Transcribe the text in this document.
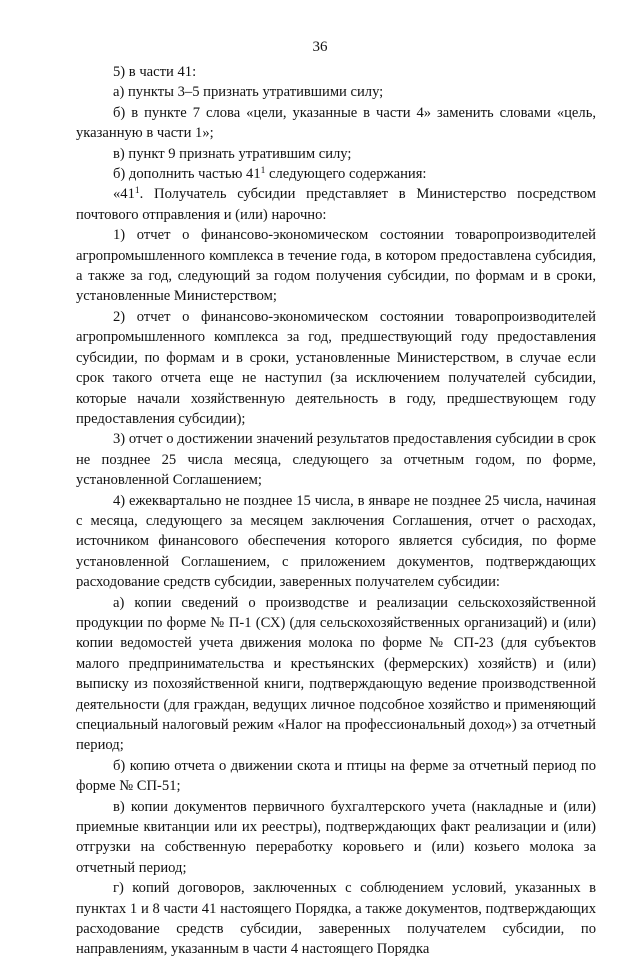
36

5) в части 41:

а) пункты 3–5 признать утратившими силу;

б) в пункте 7 слова «цели, указанные в части 4» заменить словами «цель, указанную в части 1»;

в) пункт 9 признать утратившим силу;

б) дополнить частью $41^1$ следующего содержания:

«$41^1$. Получатель субсидии представляет в Министерство посредством почтового отправления и (или) нарочно:

1) отчет о финансово-экономическом состоянии товаропроизводителей агропромышленного комплекса в течение года, в котором предоставлена субсидия, а также за год, следующий за годом получения субсидии, по формам и в сроки, установленные Министерством;

2) отчет о финансово-экономическом состоянии товаропроизводителей агропромышленного комплекса за год, предшествующий году предоставления субсидии, по формам и в сроки, установленные Министерством, в случае если срок такого отчета еще не наступил (за исключением получателей субсидии, которые начали хозяйственную деятельность в году, предшествующем году предоставления субсидии);

3) отчет о достижении значений результатов предоставления субсидии в срок не позднее 25 числа месяца, следующего за отчетным годом, по форме, установленной Соглашением;

4) ежеквартально не позднее 15 числа, в январе не позднее 25 числа, начиная с месяца, следующего за месяцем заключения Соглашения, отчет о расходах, источником финансового обеспечения которого является субсидия, по форме установленной Соглашением, с приложением документов, подтверждающих расходование средств субсидии, заверенных получателем субсидии:

а) копии сведений о производстве и реализации сельскохозяйственной продукции по форме № П-1 (СХ) (для сельскохозяйственных организаций) и (или) копии ведомостей учета движения молока по форме № СП-23 (для субъектов малого предпринимательства и крестьянских (фермерских) хозяйств) и (или) выписку из похозяйственной книги, подтверждающую ведение производственной деятельности (для граждан, ведущих личное подсобное хозяйство и применяющий специальный налоговый режим «Налог на профессиональный доход») за отчетный период;

б) копию отчета о движении скота и птицы на ферме за отчетный период по форме № СП-51;

в) копии документов первичного бухгалтерского учета (накладные и (или) приемные квитанции или их реестры), подтверждающих факт реализации и (или) отгрузки на собственную переработку коровьего и (или) козьего молока за отчетный период;

г) копий договоров, заключенных с соблюдением условий, указанных в пунктах 1 и 8 части 41 настоящего Порядка, а также документов, подтверждающих расходование средств субсидии, заверенных получателем субсидии, по направлениям, указанным в части 4 настоящего Порядка
